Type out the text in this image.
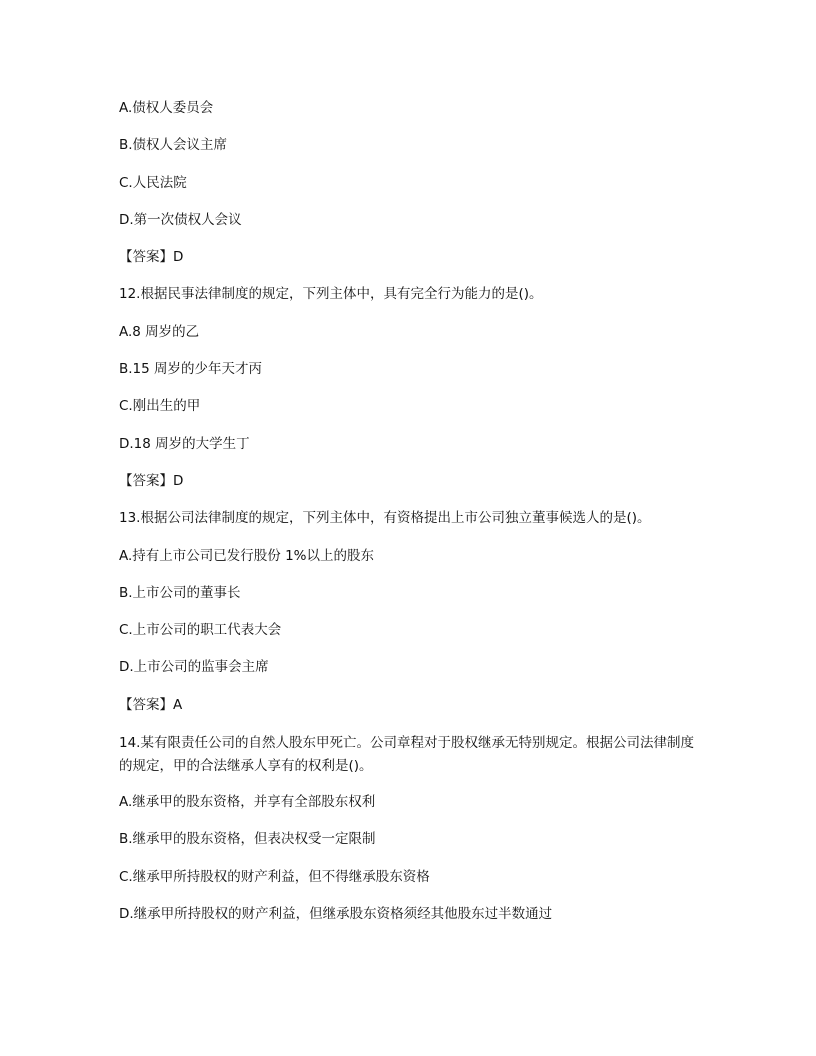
A.债权人委员会
B.债权人会议主席
C.人民法院
D.第一次债权人会议
【答案】D
12.根据民事法律制度的规定，下列主体中，具有完全行为能力的是()。
A.8 周岁的乙
B.15 周岁的少年天才丙
C.刚出生的甲
D.18 周岁的大学生丁
【答案】D
13.根据公司法律制度的规定，下列主体中，有资格提出上市公司独立董事候选人的是()。
A.持有上市公司已发行股份 1%以上的股东
B.上市公司的董事长
C.上市公司的职工代表大会
D.上市公司的监事会主席
【答案】A
14.某有限责任公司的自然人股东甲死亡。公司章程对于股权继承无特别规定。根据公司法律制度的规定，甲的合法继承人享有的权利是()。
A.继承甲的股东资格，并享有全部股东权利
B.继承甲的股东资格，但表决权受一定限制
C.继承甲所持股权的财产利益，但不得继承股东资格
D.继承甲所持股权的财产利益，但继承股东资格须经其他股东过半数通过
